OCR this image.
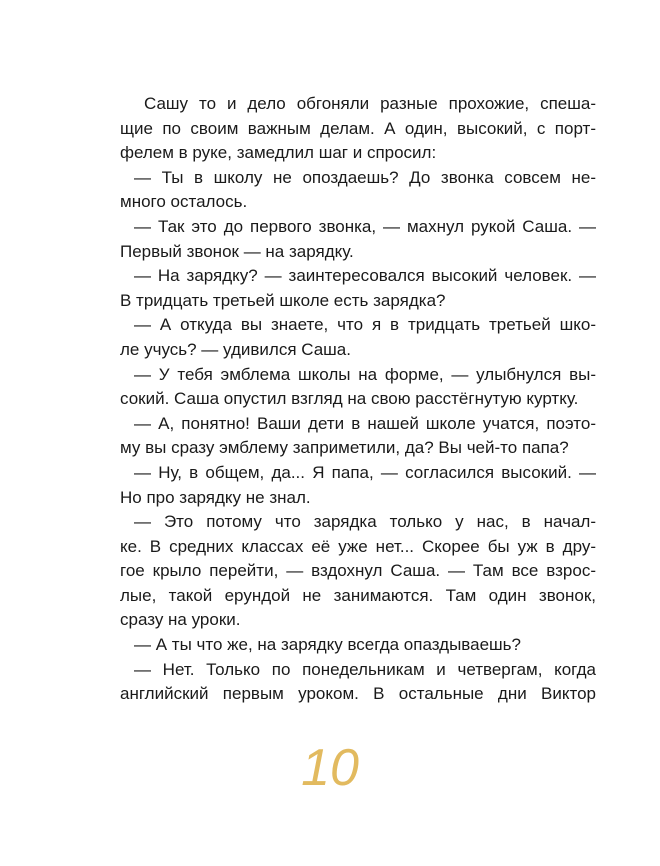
Сашу то и дело обгоняли разные прохожие, спеша-
щие по своим важным делам. А один, высокий, с порт-
фелем в руке, замедлил шаг и спросил:
— Ты в школу не опоздаешь? До звонка совсем не-
много осталось.
— Так это до первого звонка, — махнул рукой Саша. —
Первый звонок — на зарядку.
— На зарядку? — заинтересовался высокий человек. —
В тридцать третьей школе есть зарядка?
— А откуда вы знаете, что я в тридцать третьей шко-
ле учусь? — удивился Саша.
— У тебя эмблема школы на форме, — улыбнулся вы-
сокий. Саша опустил взгляд на свою расстёгнутую куртку.
— А, понятно! Ваши дети в нашей школе учатся, поэто-
му вы сразу эмблему заприметили, да? Вы чей-то папа?
— Ну, в общем, да... Я папа, — согласился высокий. —
Но про зарядку не знал.
— Это потому что зарядка только у нас, в начал-
ке. В средних классах её уже нет... Скорее бы уж в дру-
гое крыло перейти, — вздохнул Саша. — Там все взрос-
лые, такой ерундой не занимаются. Там один звонок,
сразу на уроки.
— А ты что же, на зарядку всегда опаздываешь?
— Нет. Только по понедельникам и четвергам, когда
английский первым уроком. В остальные дни Виктор
10
